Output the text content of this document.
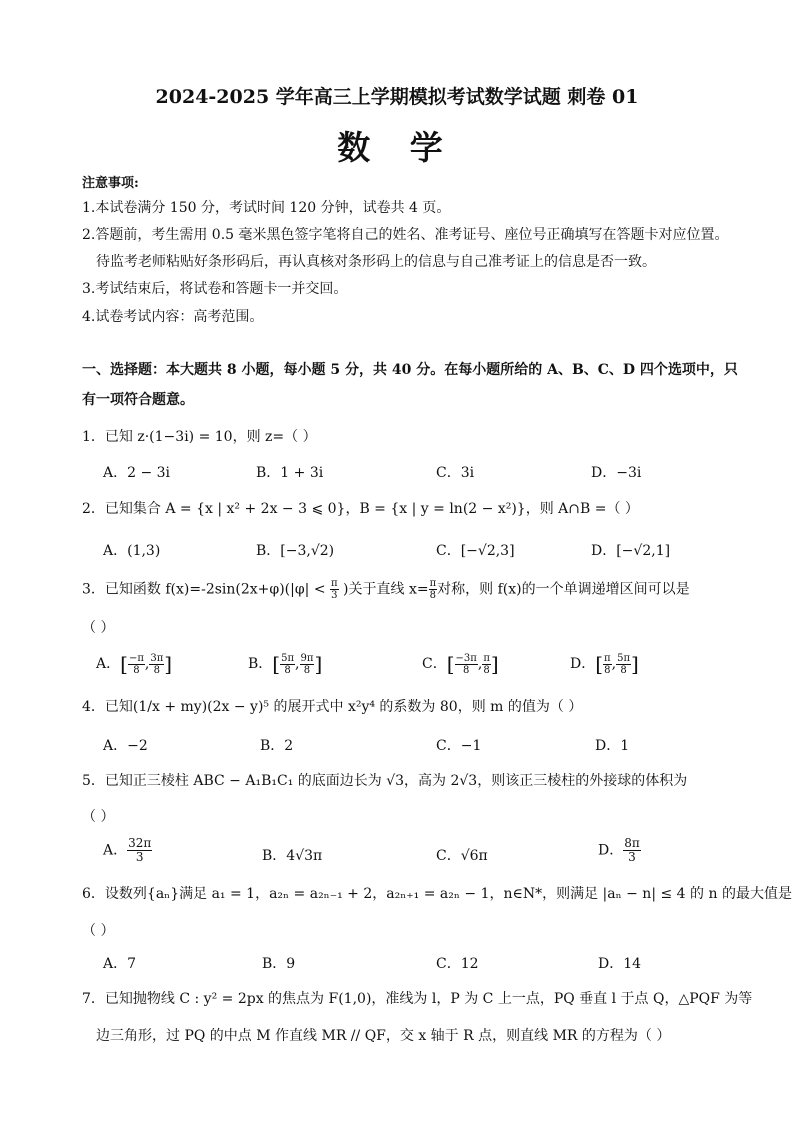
2024-2025 学年高三上学期模拟考试数学试题 刺卷 01
数 学
注意事项:
1.本试卷满分 150 分，考试时间 120 分钟，试卷共 4 页。
2.答题前，考生需用 0.5 毫米黑色签字笔将自己的姓名、准考证号、座位号正确填写在答题卡对应位置。
待监考老师粘贴好条形码后，再认真核对条形码上的信息与自己准考证上的信息是否一致。
3.考试结束后，将试卷和答题卡一并交回。
4.试卷考试内容：高考范围。
一、选择题：本大题共 8 小题，每小题 5 分，共 40 分。在每小题所给的 A、B、C、D 四个选项中，只
有一项符合题意。
1．已知 z·(1−3i) = 10，则 z=（ ）
A．2 − 3i	B．1 + 3i	C．3i	D．−3i
2．已知集合 A = {x | x² + 2x − 3 ⩽ 0}，B = {x | y = ln(2 − x²)}，则 A∩B =（ ）
A．(1,3)	B．[−3,√2)	C．[−√2,3]	D．[−√2,1]
3．已知函数 $f(x)=-2\sin(2x+\varphi)(|\varphi| < \frac{\pi}{3}$ )关于直线 $x= \frac{\pi}{8}$ 对称，则 f(x)的一个单调递增区间可以是
（ ）
A．[ $\frac{-\pi}{8}$ , $\frac{3\pi}{8}$ ]	B．[ $\frac{5\pi}{8}$ , $\frac{9\pi}{8}$ ]	C．[ $\frac{-3\pi}{8}$ , $\frac{\pi}{8}$ ]	D．[ $\frac{\pi}{8}$ , $\frac{5\pi}{8}$ ]
4．已知(1/x + my)(2x − y)⁵ 的展开式中 x²y⁴ 的系数为 80，则 m 的值为（ ）
A．−2	B．2	C．−1	D．1
5．已知正三棱柱 ABC − A₁B₁C₁ 的底面边长为 √3，高为 2√3，则该正三棱柱的外接球的体积为
（ ）
A． $\frac{32\pi}{3}$	B．4√3π	C．√6π	D． $\frac{8\pi}{3}$
6．设数列{aₙ}满足 a₁ = 1，a₂ₙ = a₂ₙ₋₁ + 2，a₂ₙ₊₁ = a₂ₙ − 1，n∈N*，则满足 |aₙ − n| ≤ 4 的 n 的最大值是
（ ）
A．7	B．9	C．12	D．14
7．已知抛物线 C : y² = 2px 的焦点为 F(1,0)，准线为 l，P 为 C 上一点，PQ 垂直 l 于点 Q，△PQF 为等
边三角形，过 PQ 的中点 M 作直线 MR // QF，交 x 轴于 R 点，则直线 MR 的方程为（ ）
